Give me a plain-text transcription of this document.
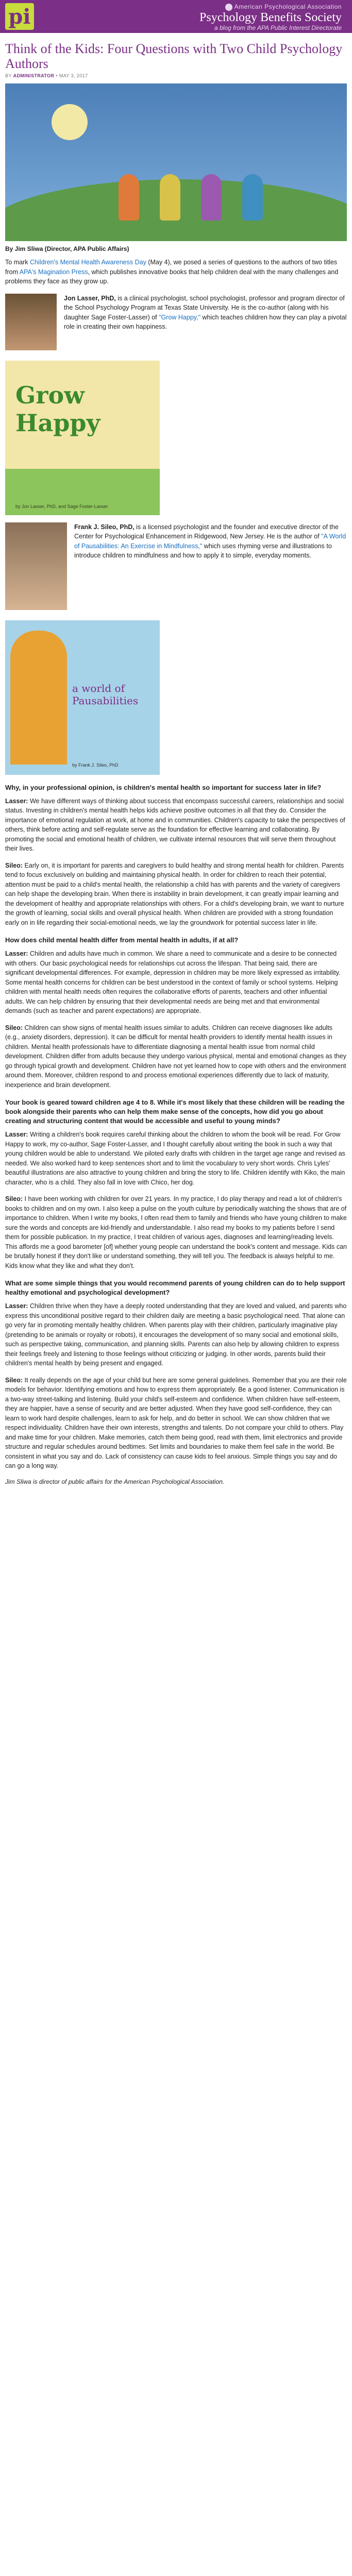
pi	American Psychological Association
Psychology Benefits Society
a blog from the APA Public Interest Directorate
Think of the Kids: Four Questions with Two Child Psychology Authors
BY ADMINISTRATOR • MAY 3, 2017
By Jim Sliwa (Director, APA Public Affairs)

To mark Children's Mental Health Awareness Day (May 4), we posed a series of questions to the authors of two titles from APA's Magination Press, which publishes innovative books that help children deal with the many challenges and problems they face as they grow up.

Jon Lasser, PhD, is a clinical psychologist, school psychologist, professor and program director of the School Psychology Program at Texas State University. He is the co-author (along with his daughter Sage Foster-Lasser) of "Grow Happy," which teaches children how they can play a pivotal role in creating their own happiness.

Grow Happy
by Jon Lasser, PhD, and Sage Foster-Lasser

Frank J. Sileo, PhD, is a licensed psychologist and the founder and executive director of the Center for Psychological Enhancement in Ridgewood, New Jersey. He is the author of "A World of Pausabilities: An Exercise in Mindfulness," which uses rhyming verse and illustrations to introduce children to mindfulness and how to apply it to simple, everyday moments.

a world of Pausabilities
by Frank J. Sileo, PhD
Why, in your professional opinion, is children's mental health so important for success later in life?

Lasser: We have different ways of thinking about success that encompass successful careers, relationships and social status. Investing in children's mental health helps kids achieve positive outcomes in all that they do. Consider the importance of emotional regulation at work, at home and in communities. Children's capacity to take the perspectives of others, think before acting and self-regulate serve as the foundation for effective learning and collaborating. By promoting the social and emotional health of children, we cultivate internal resources that will serve them throughout their lives.

Sileo: Early on, it is important for parents and caregivers to build healthy and strong mental health for children. Parents tend to focus exclusively on building and maintaining physical health. In order for children to reach their potential, attention must be paid to a child's mental health, the relationship a child has with parents and the variety of caregivers can help shape the developing brain. When there is instability in brain development, it can greatly impair learning and the development of healthy and appropriate relationships with others. For a child's developing brain, we want to nurture the growth of learning, social skills and overall physical health. When children are provided with a strong foundation early on in life regarding their social-emotional needs, we lay the groundwork for potential success later in life.

How does child mental health differ from mental health in adults, if at all?

Lasser: Children and adults have much in common. We share a need to communicate and a desire to be connected with others. Our basic psychological needs for relationships cut across the lifespan. That being said, there are significant developmental differences. For example, depression in children may be more likely expressed as irritability. Some mental health concerns for children can be best understood in the context of family or school systems. Helping children with mental health needs often requires the collaborative efforts of parents, teachers and other influential adults. We can help children by ensuring that their developmental needs are being met and that environmental demands (such as teacher and parent expectations) are appropriate.

Sileo: Children can show signs of mental health issues similar to adults. Children can receive diagnoses like adults (e.g., anxiety disorders, depression). It can be difficult for mental health providers to identify mental health issues in children. Mental health professionals have to differentiate diagnosing a mental health issue from normal child development. Children differ from adults because they undergo various physical, mental and emotional changes as they go through typical growth and development. Children have not yet learned how to cope with others and the environment around them. Moreover, children respond to and process emotional experiences differently due to lack of maturity, inexperience and brain development.

Your book is geared toward children age 4 to 8. While it's most likely that these children will be reading the book alongside their parents who can help them make sense of the concepts, how did you go about creating and structuring content that would be accessible and useful to young minds?

Lasser: Writing a children's book requires careful thinking about the children to whom the book will be read. For Grow Happy to work, my co-author, Sage Foster-Lasser, and I thought carefully about writing the book in such a way that young children would be able to understand. We piloted early drafts with children in the target age range and revised as needed. We also worked hard to keep sentences short and to limit the vocabulary to very short words. Chris Lyles' beautiful illustrations are also attractive to young children and bring the story to life. Children identify with Kiko, the main character, who is a child. They also fall in love with Chico, her dog.

Sileo: I have been working with children for over 21 years. In my practice, I do play therapy and read a lot of children's books to children and on my own. I also keep a pulse on the youth culture by periodically watching the shows that are of importance to children. When I write my books, I often read them to family and friends who have young children to make sure the words and concepts are kid-friendly and understandable. I also read my books to my patients before I send them for possible publication. In my practice, I treat children of various ages, diagnoses and learning/reading levels. This affords me a good barometer [of] whether young people can understand the book's content and message. Kids can be brutally honest if they don't like or understand something, they will tell you. The feedback is always helpful to me. Kids know what they like and what they don't.

What are some simple things that you would recommend parents of young children can do to help support healthy emotional and psychological development?

Lasser: Children thrive when they have a deeply rooted understanding that they are loved and valued, and parents who express this unconditional positive regard to their children daily are meeting a basic psychological need. That alone can go very far in promoting mentally healthy children. When parents play with their children, particularly imaginative play (pretending to be animals or royalty or robots), it encourages the development of so many social and emotional skills, such as perspective taking, communication, and planning skills. Parents can also help by allowing children to express their feelings freely and listening to those feelings without criticizing or judging. In other words, parents build their children's mental health by being present and engaged.

Sileo: It really depends on the age of your child but here are some general guidelines. Remember that you are their role models for behavior. Identifying emotions and how to express them appropriately. Be a good listener. Communication is a two-way street-talking and listening. Build your child's self-esteem and confidence. When children have self-esteem, they are happier, have a sense of security and are better adjusted. When they have good self-confidence, they can learn to work hard despite challenges, learn to ask for help, and do better in school. We can show children that we respect individuality. Children have their own interests, strengths and talents. Do not compare your child to others. Play and make time for your children. Make memories, catch them being good, read with them, limit electronics and provide structure and regular schedules around bedtimes. Set limits and boundaries to make them feel safe in the world. Be consistent in what you say and do. Lack of consistency can cause kids to feel anxious. Simple things you say and do can go a long way.

Jim Sliwa is director of public affairs for the American Psychological Association.
